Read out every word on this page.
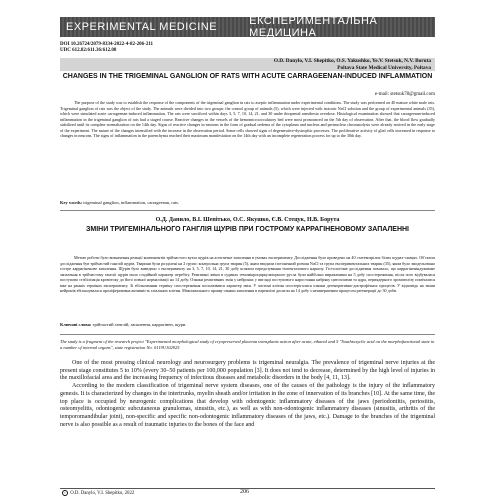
EXPERIMENTAL MEDICINE	ЕКСПЕРИМЕНТАЛЬНА МЕДИЦИНА
DOI 10.26724/2079-8334-2022-4-82-206-211
UDC 612.82:611.36:612.08
O.D. Danylo, V.I. Shepitko, O.S. Yakushko, Ye.V. Stetsuk, N.V. Boruta
Poltava State Medical University, Poltava
CHANGES IN THE TRIGEMINAL GANGLION OF RATS WITH ACUTE CARRAGEENAN-INDUCED INFLAMMATION
e-mail: stetsuk78@gmail.com

The purpose of the study was to establish the response of the components of the trigeminal ganglion in rats to aseptic inflammation under experimental conditions. The study was performed on 40 mature white male rats. Trigeminal ganglion of rats was the object of the study. The animals were divided into two groups: the control group of animals (5), which were injected with isotonic NaCl solution and the group of experimental animals (35), which were simulated acute carrageenan-induced inflammation. The rats were sacrificed within days 3, 5, 7, 10, 14, 21, and 30 under thiopental anesthesia overdose. Histological examination showed that carrageenan-induced inflammation in the trigeminal ganglion of rats had a staged course. Reactive changes in the vessels of the hemomicrocirculatory bed were most pronounced on the 5th day of observation. After that, the blood flow gradually stabilized until its complete normalization on the 14th day. Signs of reactive changes in neurons in the form of gradual oedema of the cytoplasm and nucleus and perinuclear chromatolysis were already noticed in the early stage of the experiment. The nature of the changes intensified with the increase in the observation period. Some cells showed signs of degenerative-dystrophic processes. The proliferative activity of glial cells increased in response to changes in neurons. The signs of inflammation in the parenchyma reached their maximum manifestation on the 14th day with an incomplete regeneration process for up to the 30th day.

Key words: trigeminal ganglion, inflammation, carrageenan, rats.
О.Д. Данило, В.І. Шепітько, О.С. Якушко, Є.В. Стецук, Н.В. Борута
ЗМІНИ ТРИГЕМІНАЛЬНОГО ГАНГЛІЯ ЩУРІВ ПРИ ГОСТРОМУ КАРРАГІНЕНОВОМУ ЗАПАЛЕННІ

Метою роботи було визначення реакції компонентів трійчастого вузла щурів на асептичне запалення в умовах експерименту. Дослідження було проведено на 40 статевозрілих білих щурах-самцях. Об'єктом дослідження був трійчастий ганглій щурів. Тварини були розділені на 2 групи: контрольна група тварин (5), яким вводили ізотонічний розчин NaCl та група експериментальних тварин (35), яким було змодельовано гостре каррагіненове запалення. Щурів було виведено з експерименту на 3, 5, 7, 10, 14, 21, 30 добу шляхом передозування тіопенталового наркозу. Гістологічне дослідження показало, що каррагіненіндуковане запалення в трійчастому ганглії щурів мало стадійний характер перебігу. Реактивні зміни в судинах гемомікроциркуляторного русла були найбільш вираженими на 5 добу спостереження, після чого відбувалася поступова стабілізація кровотоку до його повної нормалізації на 14 добу. Ознаки реактивних змін у нейронах у вигляді поступового наростання набряку цитоплазми та ядра, периядерного хроматолізу помічалися вже на ранніх термінах експерименту. Зі збільшенням терміну спостереження посилювався характер змін. У частині клітин спостерігалися ознаки дегенеративно-дистрофічних процесів. У відповідь на зміни нейронів збільшувалася проліферативна активність гліальних клітин. Максимального прояву ознаки запалення в паренхімі досягли на 14 добу з незавершеним процесом регенерації до 30 доби.

Ключові слова: трійчастий ганглій, запалення, каррагінен, щури.
The study is a fragment of the research project "Experimental morphological study of cryopreserved placenta transplants action after acute, ethanol and 5 "Southtoxyclic acid on the morphofunctional state in a number of internal organs", state registration No. 0119U102925

One of the most pressing clinical neurology and neurosurgery problems is trigeminal neuralgia. The prevalence of trigeminal nerve injuries at the present stage constitutes 5 to 10% (every 30–50 patients per 100,000 population [3]. It does not tend to decrease, determined by the high level of injuries in the maxillofacial area and the increasing frequency of infectious diseases and metabolic disorders in the body [4, 11, 13].

According to the modern classification of trigeminal nerve system diseases, one of the causes of the pathology is the injury of the inflammatory genesis. It is characterized by changes in the intertrunks, myelin sheath and/or irritation in the zone of innervation of its branches [10]. At the same time, the top place is occupied by neurogenic complications that develop with odontogenic inflammatory diseases of the jaws (periodontitis, periostitis, osteomyelitis, odontogenic subcutaneous granulomas, sinusitis, etc.), as well as with non-odontogenic inflammatory diseases (sinusitis, arthritis of the temporomandibular joint), non-specific and specific non-odontogenic inflammatory diseases of the jaws, etc.). Damage to the branches of the trigeminal nerve is also possible as a result of traumatic injuries to the bones of the face and

© O.D. Danylo, V.I. Shepitko, 2022	206
